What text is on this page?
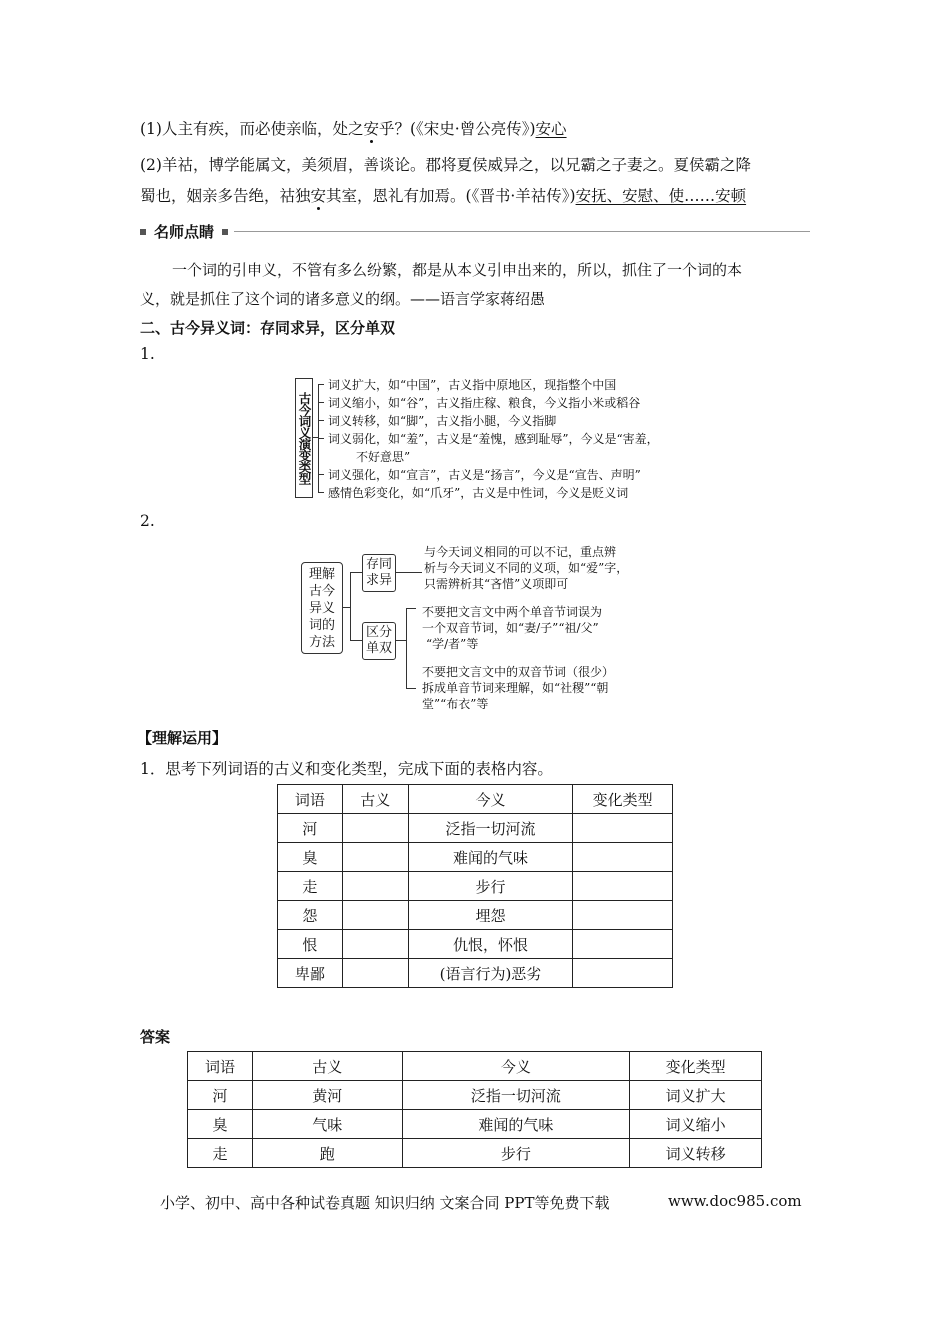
(1)人主有疾，而必使亲临，处之安乎？(《宋史·曾公亮传》)安心
(2)羊祜，博学能属文，美须眉，善谈论。郡将夏侯威异之，以兄霸之子妻之。夏侯霸之降
蜀也，姻亲多告绝，祜独安其室，恩礼有加焉。(《晋书·羊祜传》)安抚、安慰、使……安顿
名师点睛
一个词的引申义，不管有多么纷繁，都是从本义引申出来的，所以，抓住了一个词的本
义，就是抓住了这个词的诸多意义的纲。——语言学家蒋绍愚
二、古今异义词：存同求异，区分单双
1.
古今词义演变类型
词义扩大，如“中国”，古义指中原地区，现指整个中国
词义缩小，如“谷”，古义指庄稼、粮食，今义指小米或稻谷
词义转移，如“脚”，古义指小腿，今义指脚
词义弱化，如“羞”，古义是“羞愧，感到耻辱”，今义是“害羞，
不好意思”
词义强化，如“宣言”，古义是“扬言”，今义是“宣告、声明”
感情色彩变化，如“爪牙”，古义是中性词，今义是贬义词
2.
理解
古今
异义
词的
方法
存同
求异
与今天词义相同的可以不记，重点辨
析与今天词义不同的义项，如“爱”字，
只需辨析其“吝惜”义项即可
区分
单双
不要把文言文中两个单音节词误为
一个双音节词，如“妻/子”“祖/父”
“学/者”等
不要把文言文中的双音节词（很少）
拆成单音节词来理解，如“社稷”“朝
堂”“布衣”等
【理解运用】
1．思考下列词语的古义和变化类型，完成下面的表格内容。
词语	古义	今义	变化类型
河		泛指一切河流	
臭		难闻的气味	
走		步行	
怨		埋怨	
恨		仇恨，怀恨	
卑鄙		(语言行为)恶劣	
答案
词语	古义	今义	变化类型
河	黄河	泛指一切河流	词义扩大
臭	气味	难闻的气味	词义缩小
走	跑	步行	词义转移
小学、初中、高中各种试卷真题 知识归纳 文案合同 PPT等免费下载	www.doc985.com
